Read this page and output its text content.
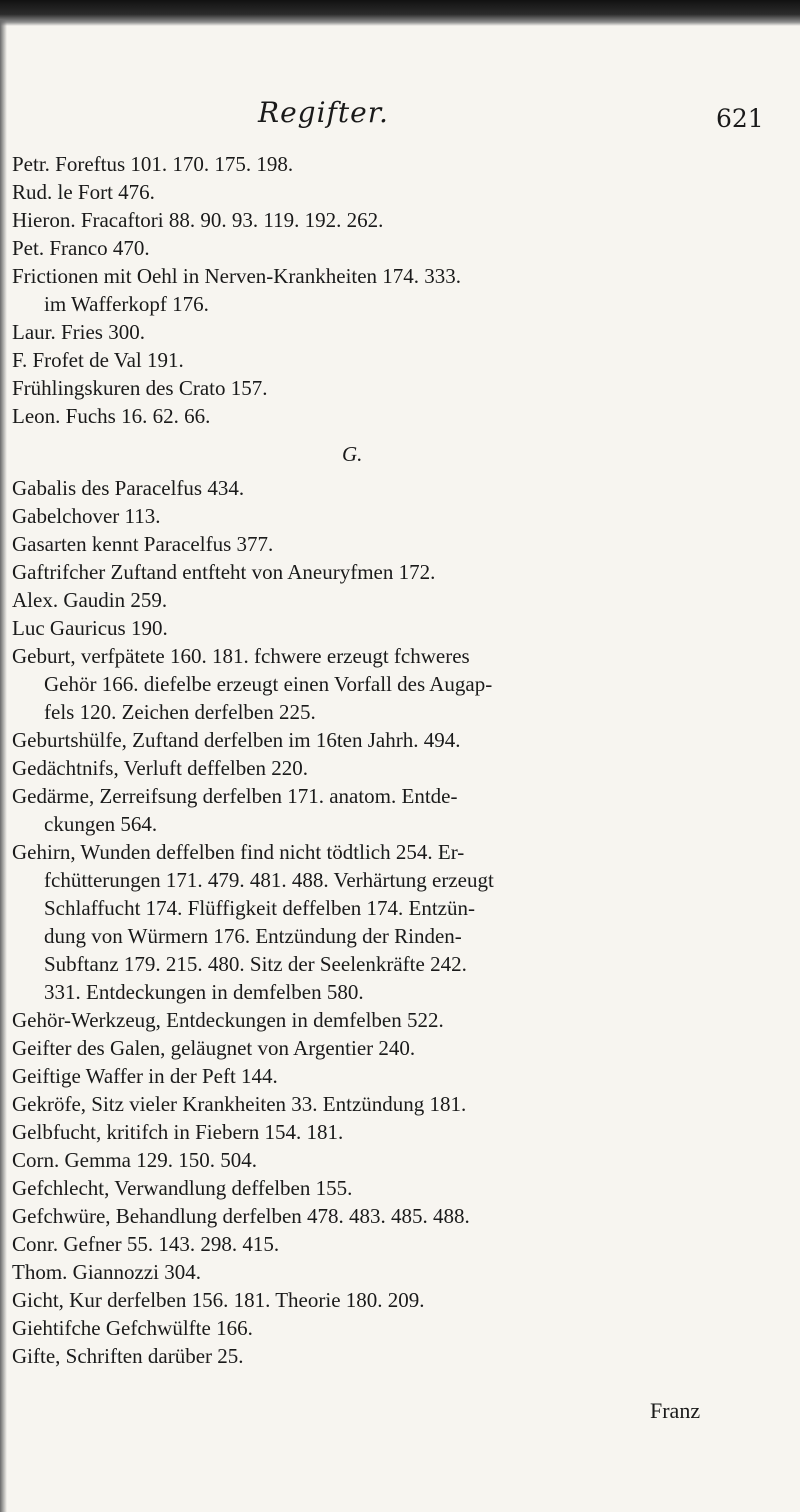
Regifter.	621
Petr. Foreftus 101. 170. 175. 198.
Rud. le Fort 476.
Hieron. Fracaftori 88. 90. 93. 119. 192. 262.
Pet. Franco 470.
Frictionen mit Oehl in Nerven-Krankheiten 174. 333.
im Wafferkopf 176.
Laur. Fries 300.
F. Frofet de Val 191.
Frühlingskuren des Crato 157.
Leon. Fuchs 16. 62. 66.
G.
Gabalis des Paracelfus 434.
Gabelchover 113.
Gasarten kennt Paracelfus 377.
Gaftrifcher Zuftand entfteht von Aneuryfmen 172.
Alex. Gaudin 259.
Luc Gauricus 190.
Geburt, verfpätete 160. 181. fchwere erzeugt fchweres
Gehör 166. diefelbe erzeugt einen Vorfall des Augap-
fels 120. Zeichen derfelben 225.
Geburtshülfe, Zuftand derfelben im 16ten Jahrh. 494.
Gedächtnifs, Verluft deffelben 220.
Gedärme, Zerreifsung derfelben 171. anatom. Entde-
ckungen 564.
Gehirn, Wunden deffelben find nicht tödtlich 254. Er-
fchütterungen 171. 479. 481. 488. Verhärtung erzeugt
Schlaffucht 174. Flüffigkeit deffelben 174. Entzün-
dung von Würmern 176. Entzündung der Rinden-
Subftanz 179. 215. 480. Sitz der Seelenkräfte 242.
331. Entdeckungen in demfelben 580.
Gehör-Werkzeug, Entdeckungen in demfelben 522.
Geifter des Galen, geläugnet von Argentier 240.
Geiftige Waffer in der Peft 144.
Gekröfe, Sitz vieler Krankheiten 33. Entzündung 181.
Gelbfucht, kritifch in Fiebern 154. 181.
Corn. Gemma 129. 150. 504.
Gefchlecht, Verwandlung deffelben 155.
Gefchwüre, Behandlung derfelben 478. 483. 485. 488.
Conr. Gefner 55. 143. 298. 415.
Thom. Giannozzi 304.
Gicht, Kur derfelben 156. 181. Theorie 180. 209.
Giehtifche Gefchwülfte 166.
Gifte, Schriften darüber 25.
Franz
